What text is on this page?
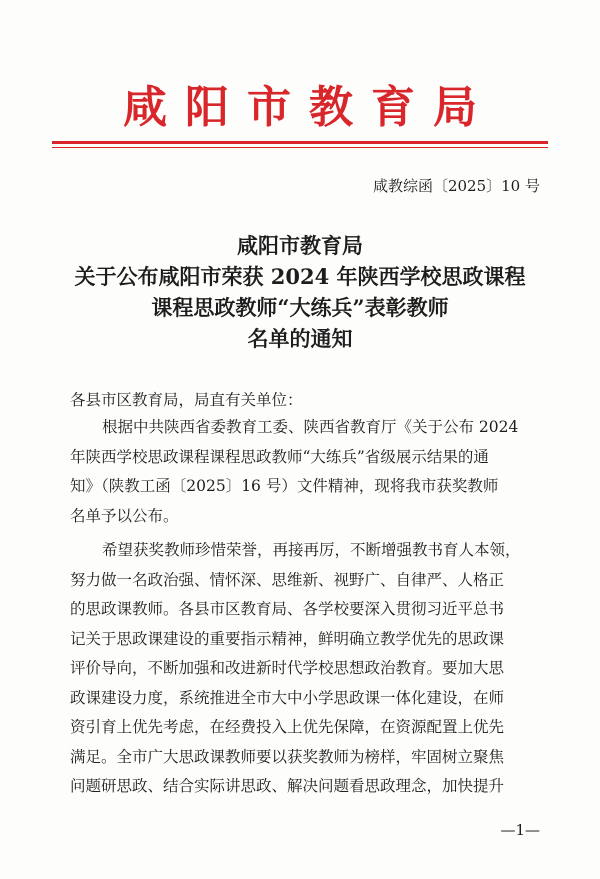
咸阳市教育局
咸教综函〔2025〕10 号
咸阳市教育局
关于公布咸阳市荣获 2024 年陕西学校思政课程
课程思政教师“大练兵”表彰教师
名单的通知
各县市区教育局，局直有关单位：
根据中共陕西省委教育工委、陕西省教育厅《关于公布 2024
年陕西学校思政课程课程思政教师“大练兵”省级展示结果的通
知》（陕教工函〔2025〕16 号）文件精神，现将我市获奖教师
名单予以公布。
希望获奖教师珍惜荣誉，再接再厉，不断增强教书育人本领，
努力做一名政治强、情怀深、思维新、视野广、自律严、人格正
的思政课教师。各县市区教育局、各学校要深入贯彻习近平总书
记关于思政课建设的重要指示精神，鲜明确立教学优先的思政课
评价导向，不断加强和改进新时代学校思想政治教育。要加大思
政课建设力度，系统推进全市大中小学思政课一体化建设，在师
资引育上优先考虑，在经费投入上优先保障，在资源配置上优先
满足。全市广大思政课教师要以获奖教师为榜样，牢固树立聚焦
问题研思政、结合实际讲思政、解决问题看思政理念，加快提升
—1—
